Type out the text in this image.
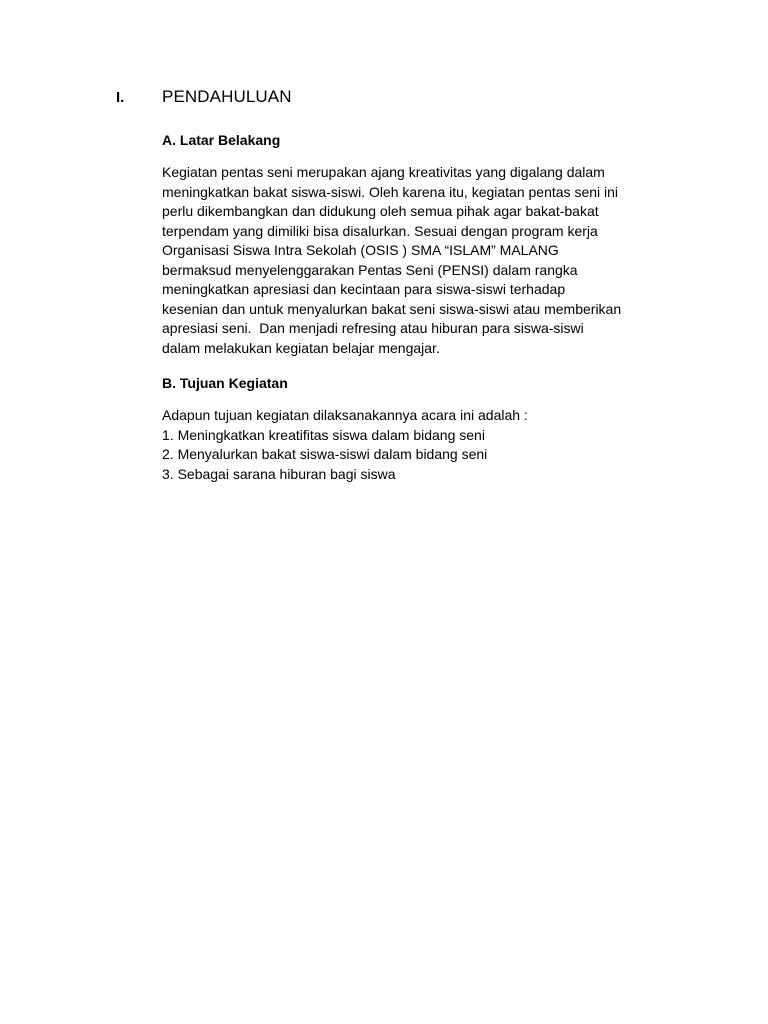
I. PENDAHULUAN
A. Latar Belakang
Kegiatan pentas seni merupakan ajang kreativitas yang digalang dalam
meningkatkan bakat siswa-siswi. Oleh karena itu, kegiatan pentas seni ini
perlu dikembangkan dan didukung oleh semua pihak agar bakat-bakat
terpendam yang dimiliki bisa disalurkan. Sesuai dengan program kerja
Organisasi Siswa Intra Sekolah (OSIS ) SMA “ISLAM” MALANG
bermaksud menyelenggarakan Pentas Seni (PENSI) dalam rangka
meningkatkan apresiasi dan kecintaan para siswa-siswi terhadap
kesenian dan untuk menyalurkan bakat seni siswa-siswi atau memberikan
apresiasi seni.  Dan menjadi refresing atau hiburan para siswa-siswi
dalam melakukan kegiatan belajar mengajar.
B. Tujuan Kegiatan
Adapun tujuan kegiatan dilaksanakannya acara ini adalah :
1. Meningkatkan kreatifitas siswa dalam bidang seni
2. Menyalurkan bakat siswa-siswi dalam bidang seni
3. Sebagai sarana hiburan bagi siswa
